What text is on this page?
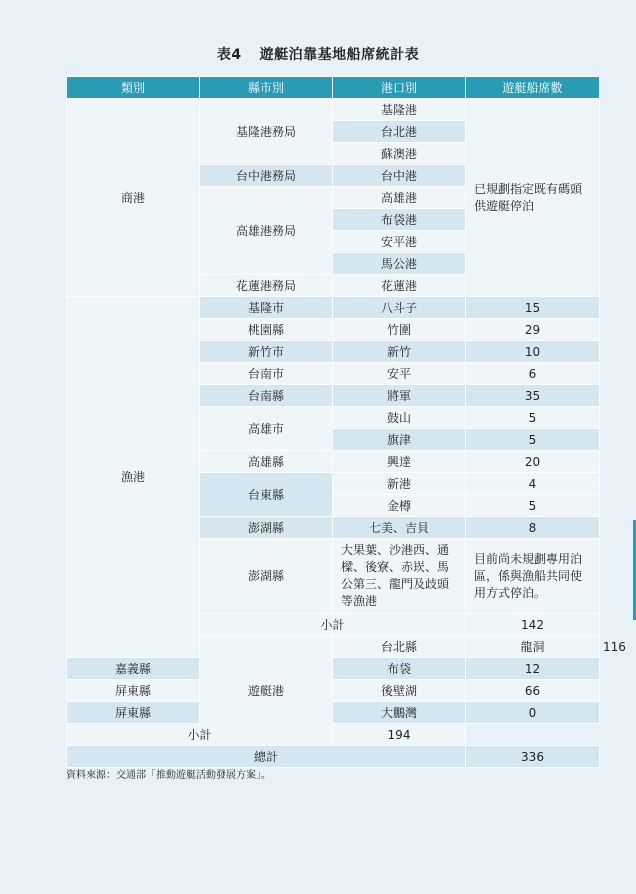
表4 遊艇泊靠基地船席統計表
類別	縣市別	港口別	遊艇船席數	
商港	基隆港務局	基隆港	已規劃指定既有碼頭供遊艇停泊	
		台北港		
		蘇澳港		
	台中港務局	台中港		
	高雄港務局	高雄港		
		布袋港		
		安平港		
		馬公港		
	花蓮港務局	花蓮港		
漁港	基隆市	八斗子	15	
	桃園縣	竹圍	29	
	新竹市	新竹	10	
	台南市	安平	6	
	台南縣	將軍	35	
	高雄市	鼓山	5	
		旗津	5	
	高雄縣	興達	20	
	台東縣	新港	4	
		金樽	5	
	澎湖縣	七美、吉貝	8	
	澎湖縣	大果葉、沙港西、通樑、後寮、赤崁、馬公第三、龍門及歧頭等漁港	目前尚未規劃專用泊區，係與漁船共同使用方式停泊。	
	小計		142	
	遊艇港	台北縣	龍洞	116
嘉義縣		布袋	12	
屏東縣		後壁湖	66	
屏東縣		大鵬灣	0	
小計		194		
總計			336	
資料來源：交通部「推動遊艇活動發展方案」。
